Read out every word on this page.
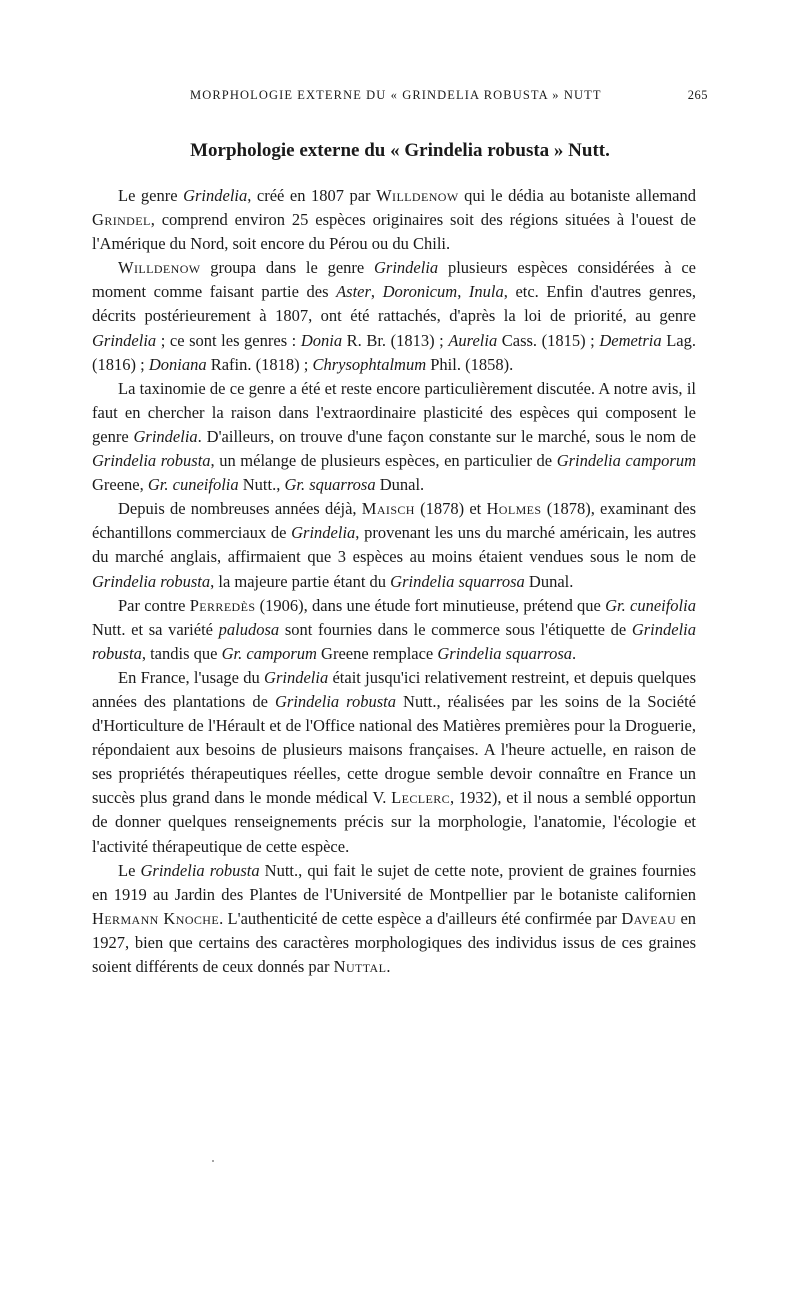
MORPHOLOGIE EXTERNE DU « GRINDELIA ROBUSTA » NUTT	265
Morphologie externe du « Grindelia robusta » Nutt.

Le genre Grindelia, créé en 1807 par Willdenow qui le dédia au botaniste allemand Grindel, comprend environ 25 espèces originaires soit des régions situées à l'ouest de l'Amérique du Nord, soit encore du Pérou ou du Chili.

Willdenow groupa dans le genre Grindelia plusieurs espèces considérées à ce moment comme faisant partie des Aster, Doronicum, Inula, etc. Enfin d'autres genres, décrits postérieurement à 1807, ont été rattachés, d'après la loi de priorité, au genre Grindelia ; ce sont les genres : Donia R. Br. (1813) ; Aurelia Cass. (1815) ; Demetria Lag. (1816) ; Doniana Rafin. (1818) ; Chrysophtalmum Phil. (1858).

La taxinomie de ce genre a été et reste encore particulièrement discutée. A notre avis, il faut en chercher la raison dans l'extraordinaire plasticité des espèces qui composent le genre Grindelia. D'ailleurs, on trouve d'une façon constante sur le marché, sous le nom de Grindelia robusta, un mélange de plusieurs espèces, en particulier de Grindelia camporum Greene, Gr. cuneifolia Nutt., Gr. squarrosa Dunal.

Depuis de nombreuses années déjà, Maisch (1878) et Holmes (1878), examinant des échantillons commerciaux de Grindelia, provenant les uns du marché américain, les autres du marché anglais, affirmaient que 3 espèces au moins étaient vendues sous le nom de Grindelia robusta, la majeure partie étant du Grindelia squarrosa Dunal.

Par contre Perredès (1906), dans une étude fort minutieuse, prétend que Gr. cuneifolia Nutt. et sa variété paludosa sont fournies dans le commerce sous l'étiquette de Grindelia robusta, tandis que Gr. camporum Greene remplace Grindelia squarrosa.

En France, l'usage du Grindelia était jusqu'ici relativement restreint, et depuis quelques années des plantations de Grindelia robusta Nutt., réalisées par les soins de la Société d'Horticulture de l'Hérault et de l'Office national des Matières premières pour la Droguerie, répondaient aux besoins de plusieurs maisons françaises. A l'heure actuelle, en raison de ses propriétés thérapeutiques réelles, cette drogue semble devoir connaître en France un succès plus grand dans le monde médical V. Leclerc, 1932), et il nous a semblé opportun de donner quelques renseignements précis sur la morphologie, l'anatomie, l'écologie et l'activité thérapeutique de cette espèce.

Le Grindelia robusta Nutt., qui fait le sujet de cette note, provient de graines fournies en 1919 au Jardin des Plantes de l'Université de Montpellier par le botaniste californien Hermann Knoche. L'authenticité de cette espèce a d'ailleurs été confirmée par Daveau en 1927, bien que certains des caractères morphologiques des individus issus de ces graines soient différents de ceux donnés par Nuttal.
